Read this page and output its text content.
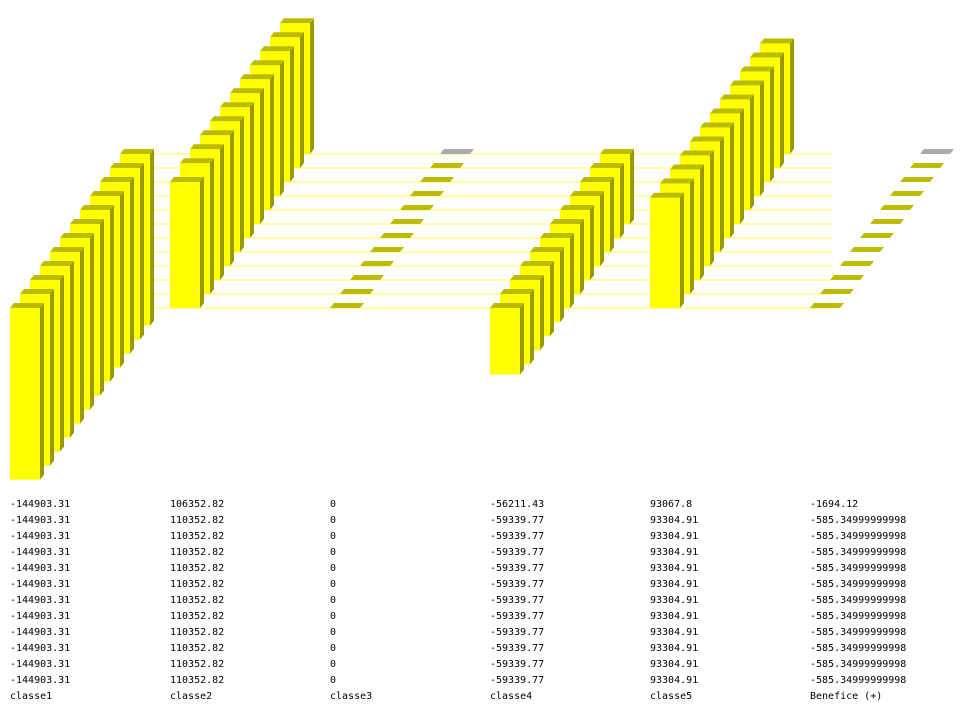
-144903.31	106352.82	0	-56211.43	93067.8	-1694.12
-144903.31	110352.82	0	-59339.77	93304.91	-585.34999999998
-144903.31	110352.82	0	-59339.77	93304.91	-585.34999999998
-144903.31	110352.82	0	-59339.77	93304.91	-585.34999999998
-144903.31	110352.82	0	-59339.77	93304.91	-585.34999999998
-144903.31	110352.82	0	-59339.77	93304.91	-585.34999999998
-144903.31	110352.82	0	-59339.77	93304.91	-585.34999999998
-144903.31	110352.82	0	-59339.77	93304.91	-585.34999999998
-144903.31	110352.82	0	-59339.77	93304.91	-585.34999999998
-144903.31	110352.82	0	-59339.77	93304.91	-585.34999999998
-144903.31	110352.82	0	-59339.77	93304.91	-585.34999999998
-144903.31	110352.82	0	-59339.77	93304.91	-585.34999999998
classe1	classe2	classe3	classe4	classe5	Benefice (+)
